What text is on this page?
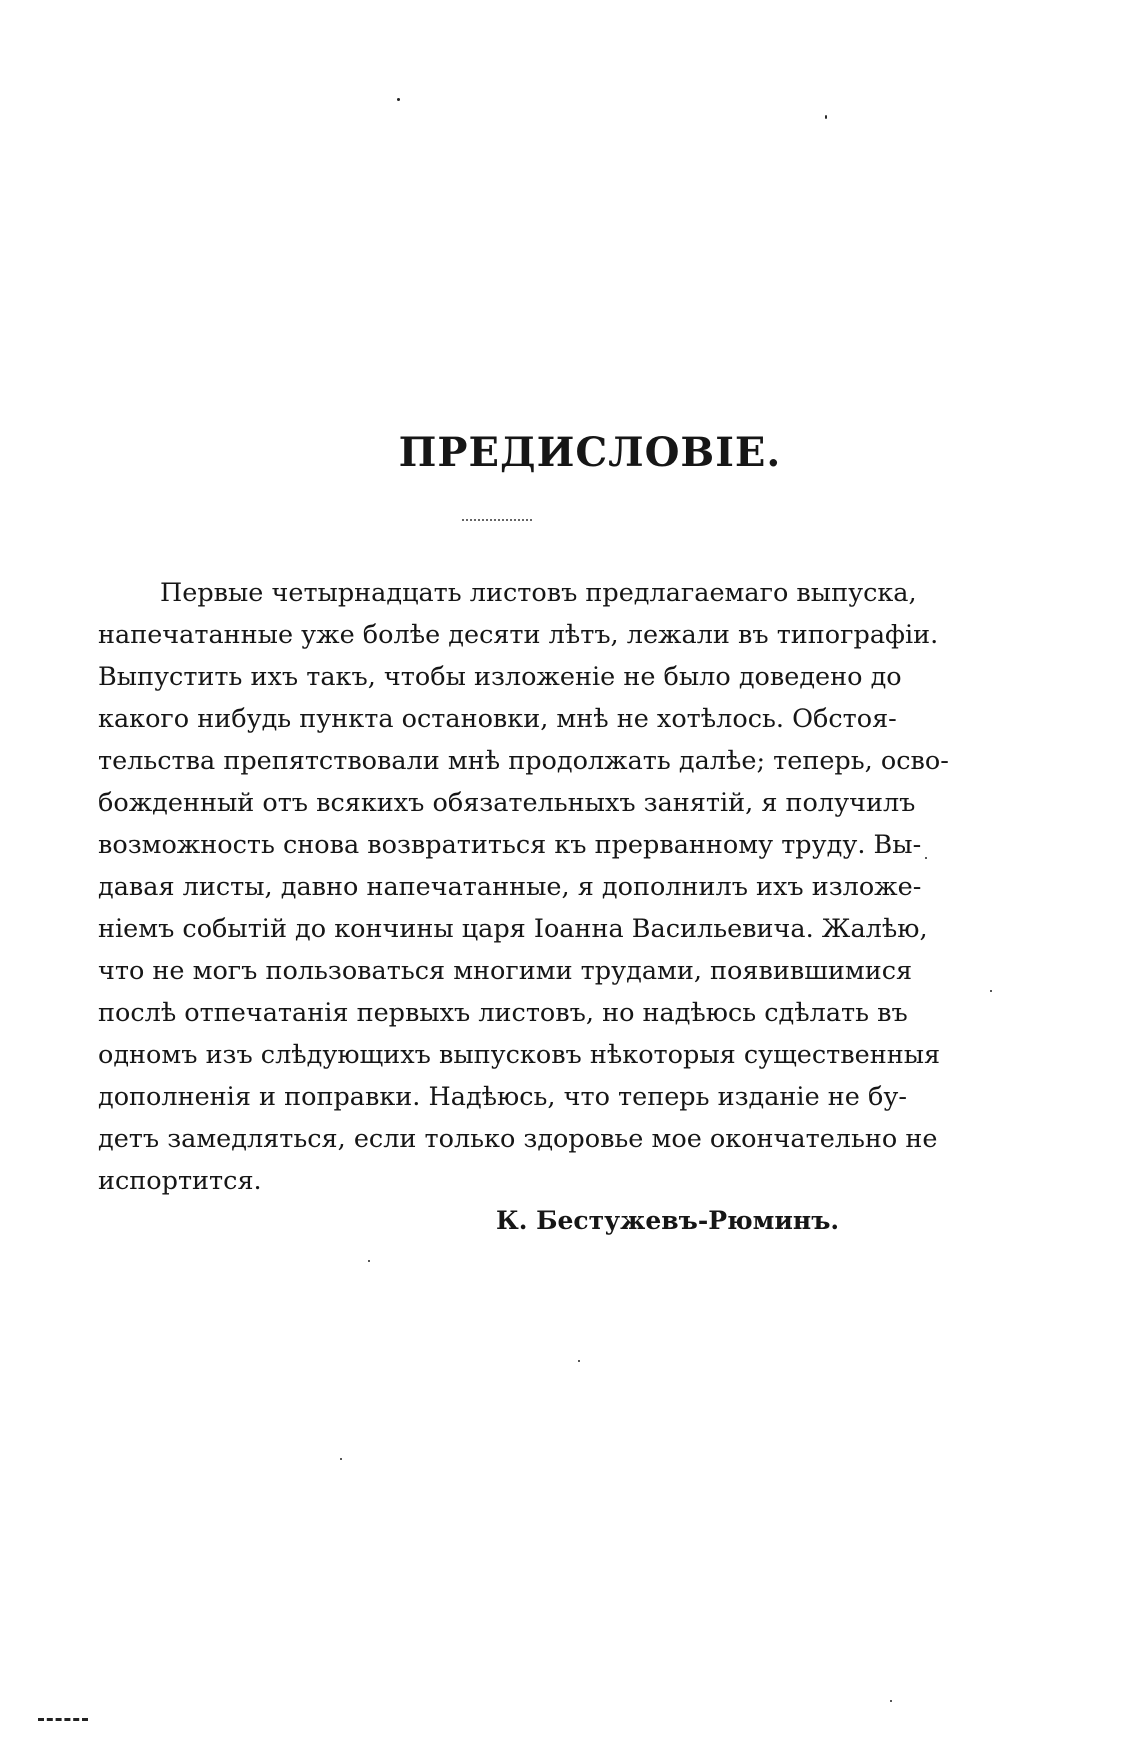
ПРЕДИСЛОВІЕ.
Первые четырнадцать листовъ предлагаемаго выпуска,
напечатанные уже болѣе десяти лѣтъ, лежали въ типографіи.
Выпустить ихъ такъ, чтобы изложеніе не было доведено до
какого нибудь пункта остановки, мнѣ не хотѣлось. Обстоя-
тельства препятствовали мнѣ продолжать далѣе; теперь, осво-
божденный отъ всякихъ обязательныхъ занятій, я получилъ
возможность снова возвратиться къ прерванному труду. Вы-
давая листы, давно напечатанные, я дополнилъ ихъ изложе-
ніемъ событій до кончины царя Іоанна Васильевича. Жалѣю,
что не могъ пользоваться многими трудами, появившимися
послѣ отпечатанія первыхъ листовъ, но надѣюсь сдѣлать въ
одномъ изъ слѣдующихъ выпусковъ нѣкоторыя существенныя
дополненія и поправки. Надѣюсь, что теперь изданіе не бу-
детъ замедляться, если только здоровье мое окончательно не
испортится.

К. Бестужевъ-Рюминъ.
